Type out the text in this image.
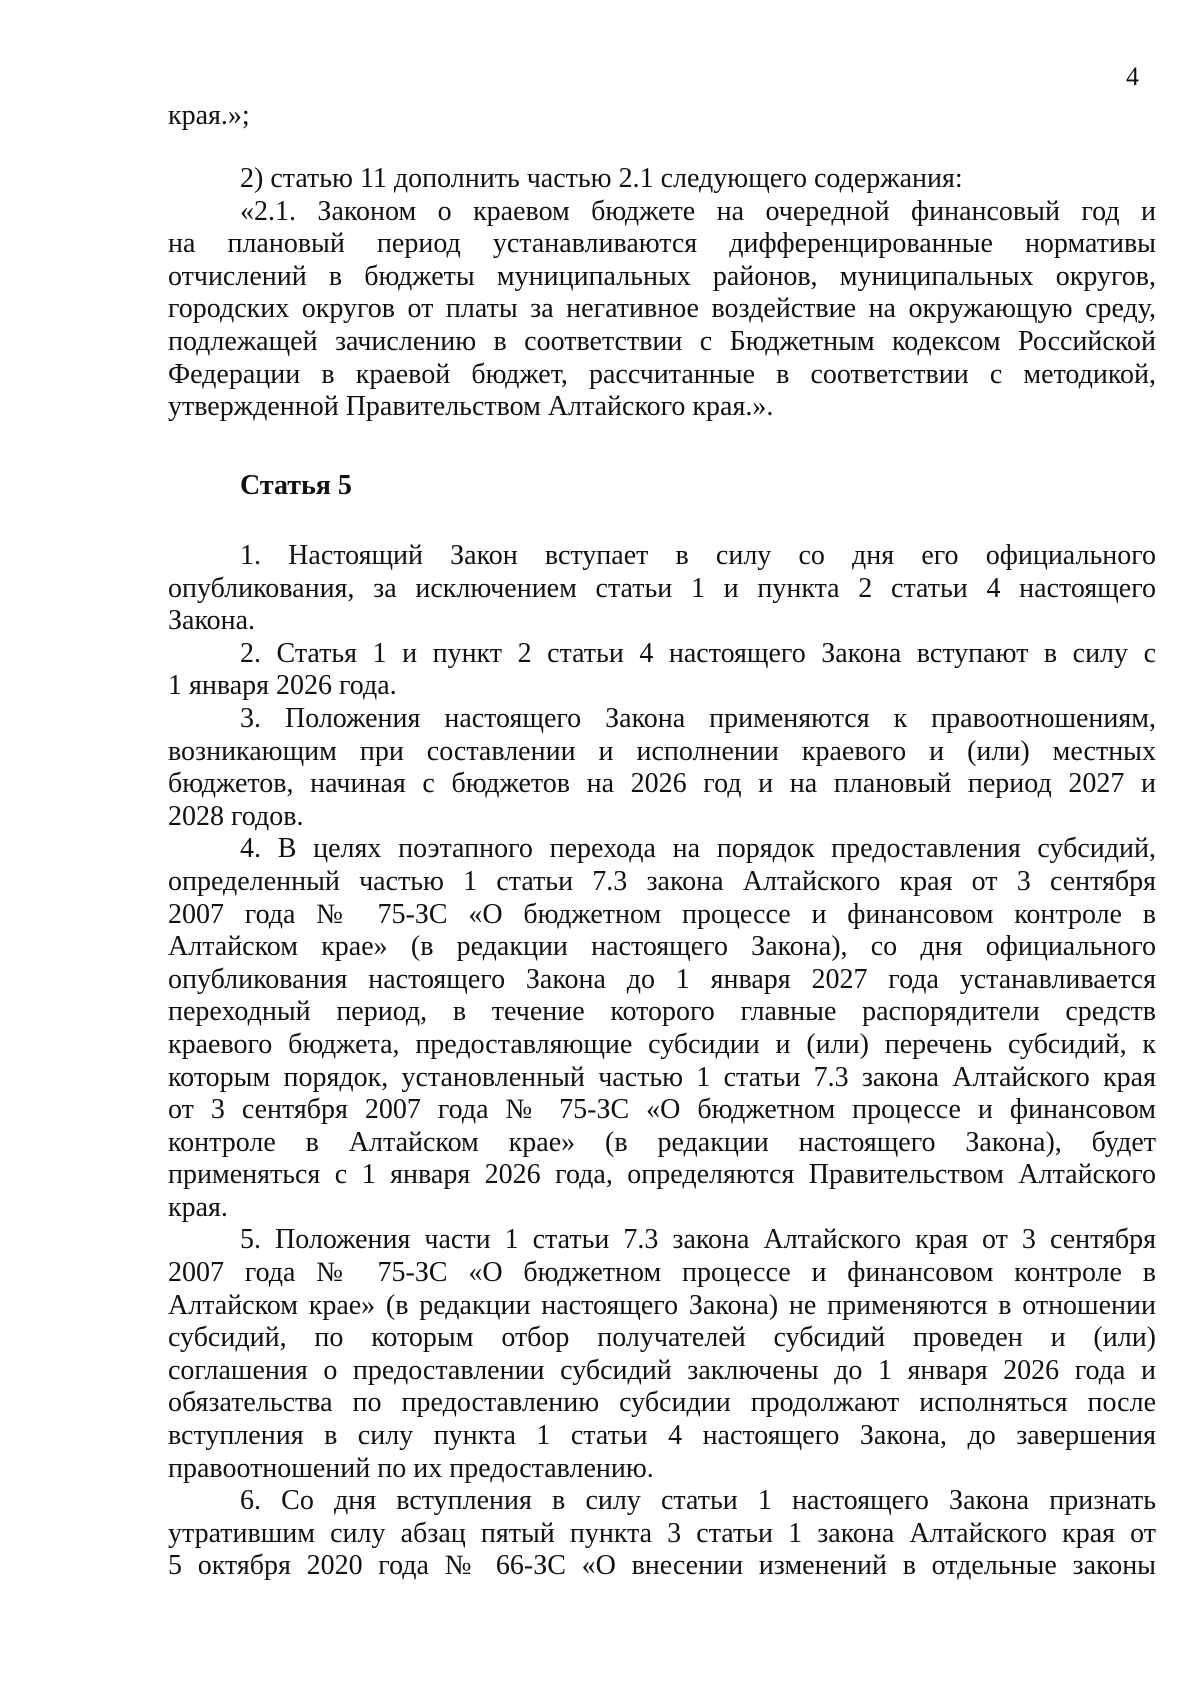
4
края.»;
2) статью 11 дополнить частью 2.1 следующего содержания:
«2.1. Законом о краевом бюджете на очередной финансовый год и
на плановый период устанавливаются дифференцированные нормативы
отчислений в бюджеты муниципальных районов, муниципальных округов,
городских округов от платы за негативное воздействие на окружающую среду,
подлежащей зачислению в соответствии с Бюджетным кодексом Российской
Федерации в краевой бюджет, рассчитанные в соответствии с методикой,
утвержденной Правительством Алтайского края.».
Статья 5
1. Настоящий Закон вступает в силу со дня его официального
опубликования, за исключением статьи 1 и пункта 2 статьи 4 настоящего
Закона.
2. Статья 1 и пункт 2 статьи 4 настоящего Закона вступают в силу с
1 января 2026 года.
3. Положения настоящего Закона применяются к правоотношениям,
возникающим при составлении и исполнении краевого и (или) местных
бюджетов, начиная с бюджетов на 2026 год и на плановый период 2027 и
2028 годов.
4. В целях поэтапного перехода на порядок предоставления субсидий,
определенный частью 1 статьи 7.3 закона Алтайского края от 3 сентября
2007 года № 75-ЗС «О бюджетном процессе и финансовом контроле в
Алтайском крае» (в редакции настоящего Закона), со дня официального
опубликования настоящего Закона до 1 января 2027 года устанавливается
переходный период, в течение которого главные распорядители средств
краевого бюджета, предоставляющие субсидии и (или) перечень субсидий, к
которым порядок, установленный частью 1 статьи 7.3 закона Алтайского края
от 3 сентября 2007 года № 75-ЗС «О бюджетном процессе и финансовом
контроле в Алтайском крае» (в редакции настоящего Закона), будет
применяться с 1 января 2026 года, определяются Правительством Алтайского
края.
5. Положения части 1 статьи 7.3 закона Алтайского края от 3 сентября
2007 года № 75-ЗС «О бюджетном процессе и финансовом контроле в
Алтайском крае» (в редакции настоящего Закона) не применяются в отношении
субсидий, по которым отбор получателей субсидий проведен и (или)
соглашения о предоставлении субсидий заключены до 1 января 2026 года и
обязательства по предоставлению субсидии продолжают исполняться после
вступления в силу пункта 1 статьи 4 настоящего Закона, до завершения
правоотношений по их предоставлению.
6. Со дня вступления в силу статьи 1 настоящего Закона признать
утратившим силу абзац пятый пункта 3 статьи 1 закона Алтайского края от
5 октября 2020 года № 66-ЗС «О внесении изменений в отдельные законы
